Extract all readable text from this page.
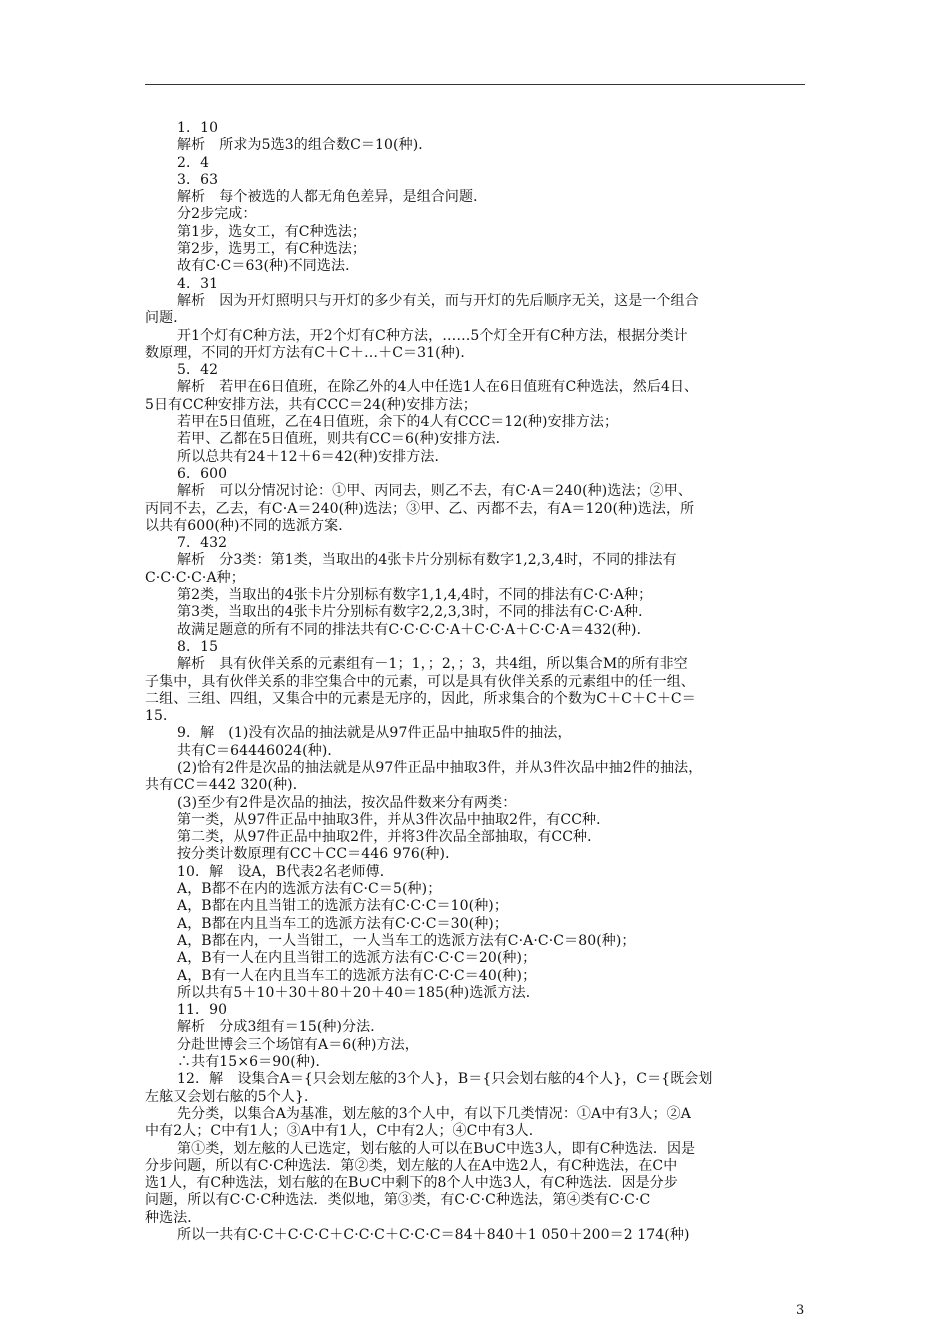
1．10
解析　所求为5选3的组合数C＝10(种)．
2．4
3．63
解析　每个被选的人都无角色差异，是组合问题．
分2步完成：
第1步，选女工，有C种选法；
第2步，选男工，有C种选法；
故有C·C＝63(种)不同选法．
4．31
解析　因为开灯照明只与开灯的多少有关，而与开灯的先后顺序无关，这是一个组合
问题．
开1个灯有C种方法，开2个灯有C种方法，……5个灯全开有C种方法，根据分类计
数原理，不同的开灯方法有C＋C＋…＋C＝31(种)．
5．42
解析　若甲在6日值班，在除乙外的4人中任选1人在6日值班有C种选法，然后4日、
5日有CC种安排方法，共有CCC＝24(种)安排方法；
若甲在5日值班，乙在4日值班，余下的4人有CCC＝12(种)安排方法；
若甲、乙都在5日值班，则共有CC＝6(种)安排方法．
所以总共有24＋12＋6＝42(种)安排方法．
6．600
解析　可以分情况讨论：①甲、丙同去，则乙不去，有C·A＝240(种)选法；②甲、
丙同不去，乙去，有C·A＝240(种)选法；③甲、乙、丙都不去，有A＝120(种)选法，所
以共有600(种)不同的选派方案．
7．432
解析　分3类：第1类，当取出的4张卡片分别标有数字1,2,3,4时，不同的排法有
C·C·C·C·A种；
第2类，当取出的4张卡片分别标有数字1,1,4,4时，不同的排法有C·C·A种；
第3类，当取出的4张卡片分别标有数字2,2,3,3时，不同的排法有C·C·A种．
故满足题意的所有不同的排法共有C·C·C·C·A＋C·C·A＋C·C·A＝432(种)．
8．15
解析　具有伙伴关系的元素组有－1；1，；2，；3，共4组，所以集合M的所有非空
子集中，具有伙伴关系的非空集合中的元素，可以是具有伙伴关系的元素组中的任一组、
二组、三组、四组，又集合中的元素是无序的，因此，所求集合的个数为C＋C＋C＋C＝
15．
9．解　(1)没有次品的抽法就是从97件正品中抽取5件的抽法，
共有C＝64446024(种)．
(2)恰有2件是次品的抽法就是从97件正品中抽取3件，并从3件次品中抽2件的抽法，
共有CC＝442 320(种)．
(3)至少有2件是次品的抽法，按次品件数来分有两类：
第一类，从97件正品中抽取3件，并从3件次品中抽取2件，有CC种．
第二类，从97件正品中抽取2件，并将3件次品全部抽取，有CC种．
按分类计数原理有CC＋CC＝446 976(种)．
10．解　设A，B代表2名老师傅．
A，B都不在内的选派方法有C·C＝5(种)；
A，B都在内且当钳工的选派方法有C·C·C＝10(种)；
A，B都在内且当车工的选派方法有C·C·C＝30(种)；
A，B都在内，一人当钳工，一人当车工的选派方法有C·A·C·C＝80(种)；
A，B有一人在内且当钳工的选派方法有C·C·C＝20(种)；
A，B有一人在内且当车工的选派方法有C·C·C＝40(种)；
所以共有5＋10＋30＋80＋20＋40＝185(种)选派方法．
11．90
解析　分成3组有＝15(种)分法．
分赴世博会三个场馆有A＝6(种)方法，
∴共有15×6＝90(种)．
12．解　设集合A＝{只会划左舷的3个人}，B＝{只会划右舷的4个人}，C＝{既会划
左舷又会划右舷的5个人}．
先分类，以集合A为基准，划左舷的3个人中，有以下几类情况：①A中有3人；②A
中有2人；C中有1人；③A中有1人，C中有2人；④C中有3人．
第①类，划左舷的人已选定，划右舷的人可以在B∪C中选3人，即有C种选法．因是
分步问题，所以有C·C种选法．第②类，划左舷的人在A中选2人，有C种选法，在C中
选1人，有C种选法，划右舷的在B∪C中剩下的8个人中选3人，有C种选法．因是分步
问题，所以有C·C·C种选法．类似地，第③类，有C·C·C种选法，第④类有C·C·C
种选法．
所以一共有C·C＋C·C·C＋C·C·C＋C·C·C＝84＋840＋1 050＋200＝2 174(种)
3
